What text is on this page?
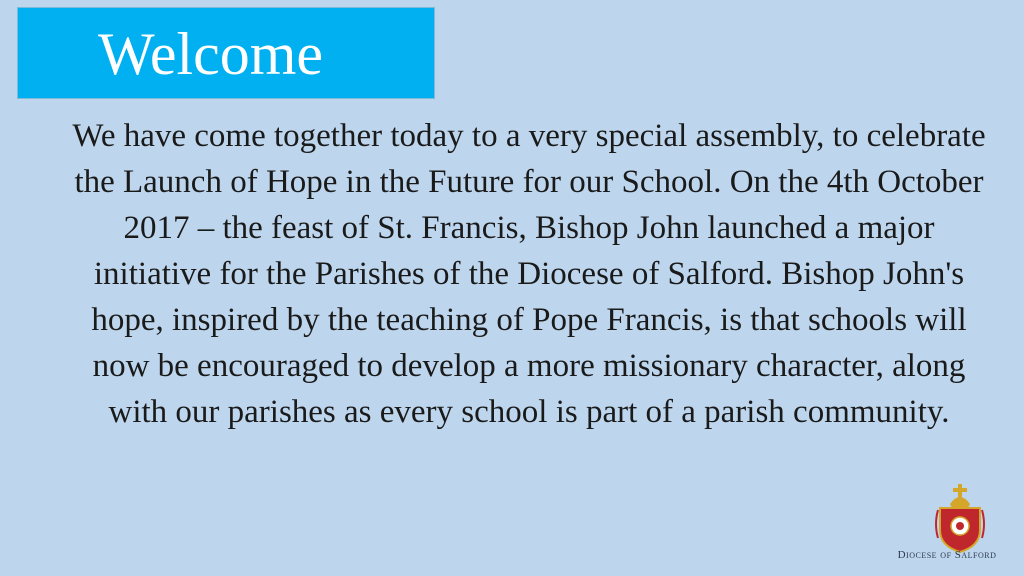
Welcome

We have come together today to a very special assembly, to celebrate the Launch of Hope in the Future for our School. On the 4th October 2017 – the feast of St. Francis, Bishop John launched a major initiative for the Parishes of the Diocese of Salford. Bishop John's hope, inspired by the teaching of Pope Francis, is that schools will now be encouraged to develop a more missionary character, along with our parishes as every school is part of a parish community.

Diocese of Salford
